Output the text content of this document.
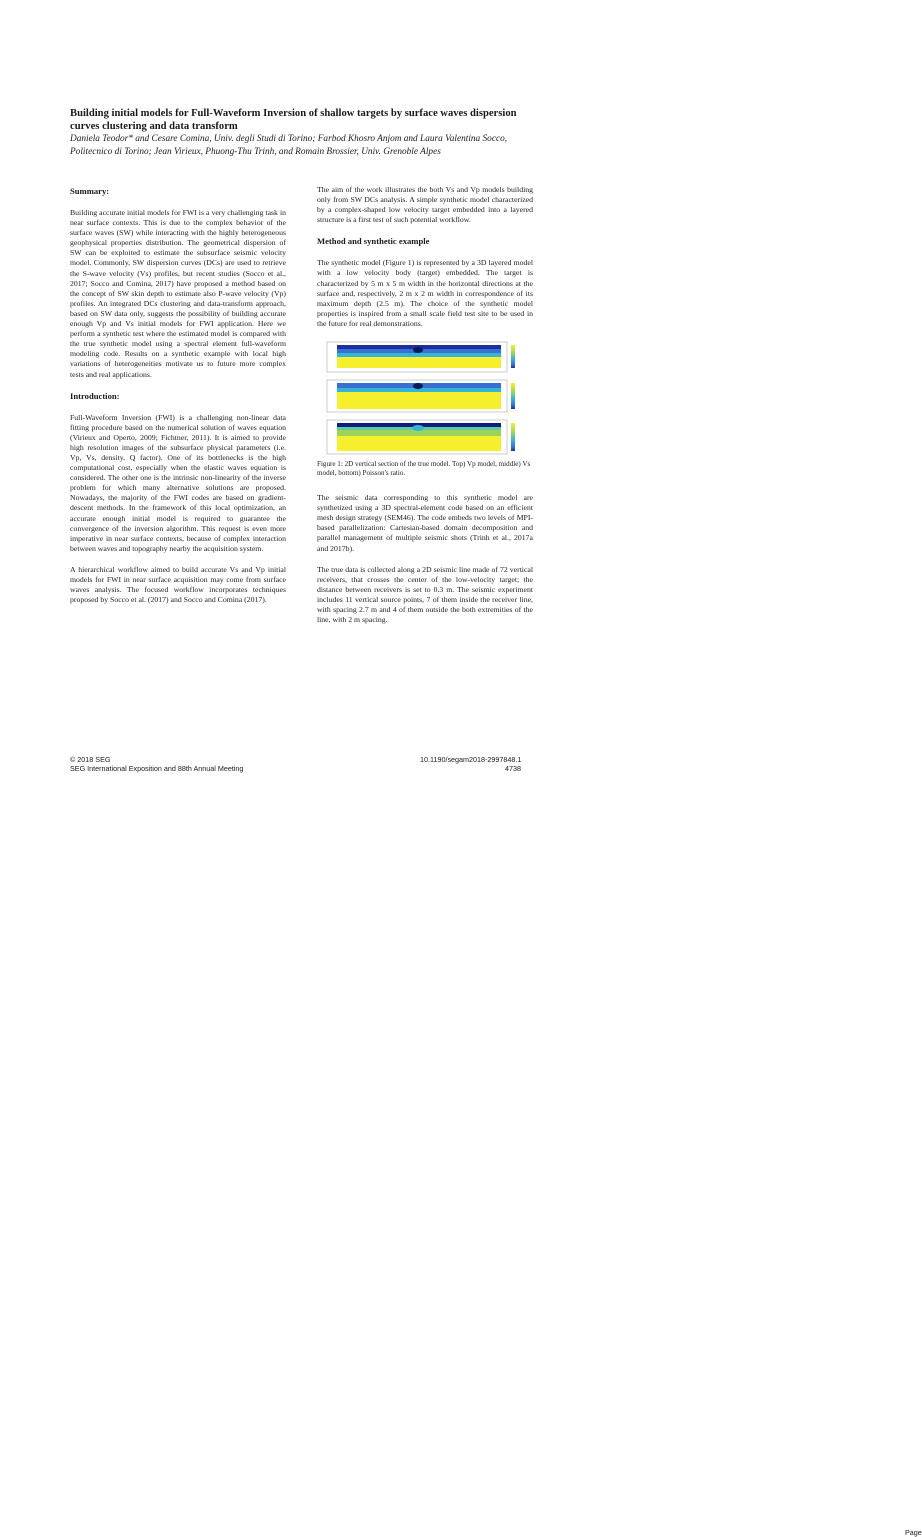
Building initial models for Full-Waveform Inversion of shallow targets by surface waves dispersion curves clustering and data transform
Daniela Teodor* and Cesare Comina, Univ. degli Studi di Torino; Farbod Khosro Anjom and Laura Valentina Socco, Politecnico di Torino; Jean Virieux, Phuong-Thu Trinh, and Romain Brossier, Univ. Grenoble Alpes
Summary:

Building accurate initial models for FWI is a very challenging task in near surface contexts. This is due to the complex behavior of the surface waves (SW) while interacting with the highly heterogeneous geophysical properties distribution. The geometrical dispersion of SW can be exploited to estimate the subsurface seismic velocity model. Commonly, SW dispersion curves (DCs) are used to retrieve the S-wave velocity (Vs) profiles, but recent studies (Socco et al., 2017; Socco and Comina, 2017) have proposed a method based on the concept of SW skin depth to estimate also P-wave velocity (Vp) profiles. An integrated DCs clustering and data-transform approach, based on SW data only, suggests the possibility of building accurate enough Vp and Vs initial models for FWI application. Here we perform a synthetic test where the estimated model is compared with the true synthetic model using a spectral element full-waveform modeling code. Results on a synthetic example with local high variations of heterogeneities motivate us to future more complex tests and real applications.

Introduction:

Full-Waveform Inversion (FWI) is a challenging non-linear data fitting procedure based on the numerical solution of waves equation (Virieux and Operto, 2009; Fichtner, 2011). It is aimed to provide high resolution images of the subsurface physical parameters (i.e. Vp, Vs, density, Q factor). One of its bottlenecks is the high computational cost, especially when the elastic waves equation is considered. The other one is the intrinsic non-linearity of the inverse problem for which many alternative solutions are proposed. Nowadays, the majority of the FWI codes are based on gradient-descent methods. In the framework of this local optimization, an accurate enough initial model is required to guarantee the convergence of the inversion algorithm. This request is even more imperative in near surface contexts, because of complex interaction between waves and topography nearby the acquisition system.

A hierarchical workflow aimed to build accurate Vs and Vp initial models for FWI in near surface acquisition may come from surface waves analysis. The focused workflow incorporates techniques proposed by Socco et al. (2017) and Socco and Comina (2017).

The aim of the work illustrates the both Vs and Vp models building only from SW DCs analysis. A simple synthetic model characterized by a complex-shaped low velocity target embedded into a layered structure is a first test of such potential workflow.

Method and synthetic example

The synthetic model (Figure 1) is represented by a 3D layered model with a low velocity body (target) embedded. The target is characterized by 5 m x 5 m width in the horizontal directions at the surface and, respectively, 2 m x 2 m width in correspondence of its maximum depth (2.5 m). The choice of the synthetic model properties is inspired from a small scale field test site to be used in the future for real demonstrations.

Figure 1: 2D vertical section of the true model. Top) Vp model, middle) Vs model, bottom) Poisson's ratio.

The seismic data corresponding to this synthetic model are synthetized using a 3D spectral-element code based on an efficient mesh design strategy (SEM46). The code embeds two levels of MPI-based parallelization: Cartesian-based domain decomposition and parallel management of multiple seismic shots (Trinh et al., 2017a and 2017b).

The true data is collected along a 2D seismic line made of 72 vertical receivers, that crosses the center of the low-velocity target; the distance between receivers is set to 0.3 m. The seismic experiment includes 11 vertical source points, 7 of them inside the receiver line, with spacing 2.7 m and 4 of them outside the both extremities of the line, with 2 m spacing.

© 2018 SEG
SEG International Exposition and 88th Annual Meeting
10.1190/segam2018-2997848.1
Page
4738
